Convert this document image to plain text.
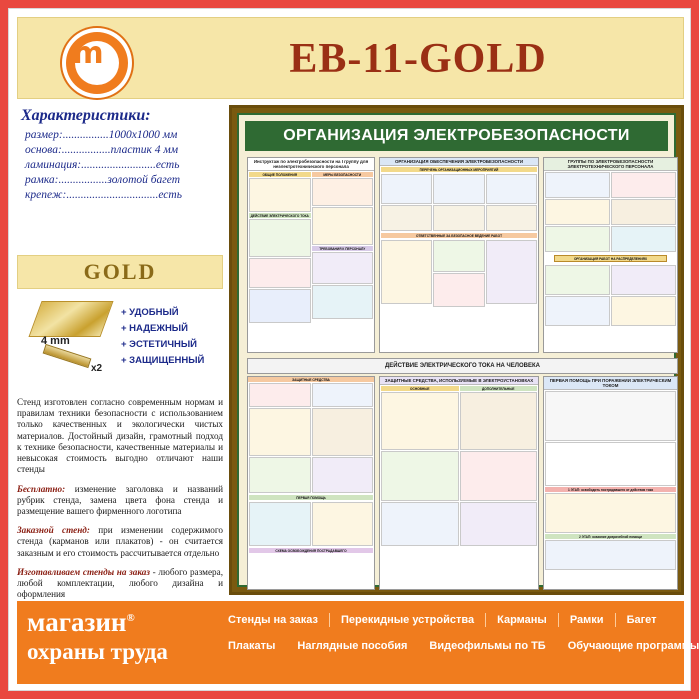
m	EB-11-GOLD
Характеристики:
размер:................1000x1000 мм
основа:.................пластик 4 мм
ламинация:..........................есть
рамка:.................золотой багет
крепеж:................................есть
GOLD
4 mm
x2
+ УДОБНЫЙ
+ НАДЕЖНЫЙ
+ ЭСТЕТИЧНЫЙ
+ ЗАЩИЩЕННЫЙ

Стенд изготовлен согласно современным нормам и правилам техники безопасности с использованием только качественных и экологически чистых материалов. Достойный дизайн, грамотный подход к технике безопасности, качественные материалы и невысокая стоимость выгодно отличают наши стенды

Бесплатно: изменение заголовка и названий рубрик стенда, замена цвета фона стенда и размещение вашего фирменного логотипа

Заказной стенд: при изменении содержимого стенда (карманов или плакатов) - он считается заказным и его стоимость рассчитывается отдельно

Изготавливаем стенды на заказ - любого размера, любой комплектации, любого дизайна и оформления

ОРГАНИЗАЦИЯ ЭЛЕКТРОБЕЗОПАСНОСТИ
Инструктаж по электробезопасности на I группу для неэлектротехнического персонала
ОБЩИЕ ПОЛОЖЕНИЯ
ДЕЙСТВИЕ ЭЛЕКТРИЧЕСКОГО ТОКА
МЕРЫ БЕЗОПАСНОСТИ
ТРЕБОВАНИЯ К ПЕРСОНАЛУ
ОРГАНИЗАЦИЯ ОБЕСПЕЧЕНИЯ ЭЛЕКТРОБЕЗОПАСНОСТИ
ПЕРЕЧЕНЬ ОРГАНИЗАЦИОННЫХ МЕРОПРИЯТИЙ
ОТВЕТСТВЕННЫЕ ЗА БЕЗОПАСНОЕ ВЕДЕНИЕ РАБОТ
ГРУППЫ ПО ЭЛЕКТРОБЕЗОПАСНОСТИ ЭЛЕКТРОТЕХНИЧЕСКОГО ПЕРСОНАЛА
ОРГАНИЗАЦИЯ РАБОТ НА РАСПРЕДЕЛЕНИЯХ
ДЕЙСТВИЕ ЭЛЕКТРИЧЕСКОГО ТОКА НА ЧЕЛОВЕКА
ЗАЩИТНЫЕ СРЕДСТВА
ПЕРВАЯ ПОМОЩЬ
СХЕМА ОСВОБОЖДЕНИЯ ПОСТРАДАВШЕГО
ЗАЩИТНЫЕ СРЕДСТВА, ИСПОЛЬЗУЕМЫЕ В ЭЛЕКТРОУСТАНОВКАХ
ОСНОВНЫЕ	ДОПОЛНИТЕЛЬНЫЕ
ПЕРВАЯ ПОМОЩЬ ПРИ ПОРАЖЕНИИ ЭЛЕКТРИЧЕСКИМ ТОКОМ
1 ЭТАП: освободить пострадавшего от действия тока
2 ЭТАП: оказание доврачебной помощи
магазин®
охраны труда
Стенды на заказ	Перекидные устройства	Карманы	Рамки	Багет
Плакаты	Наглядные пособия	Видеофильмы по ТБ	Обучающие программы
